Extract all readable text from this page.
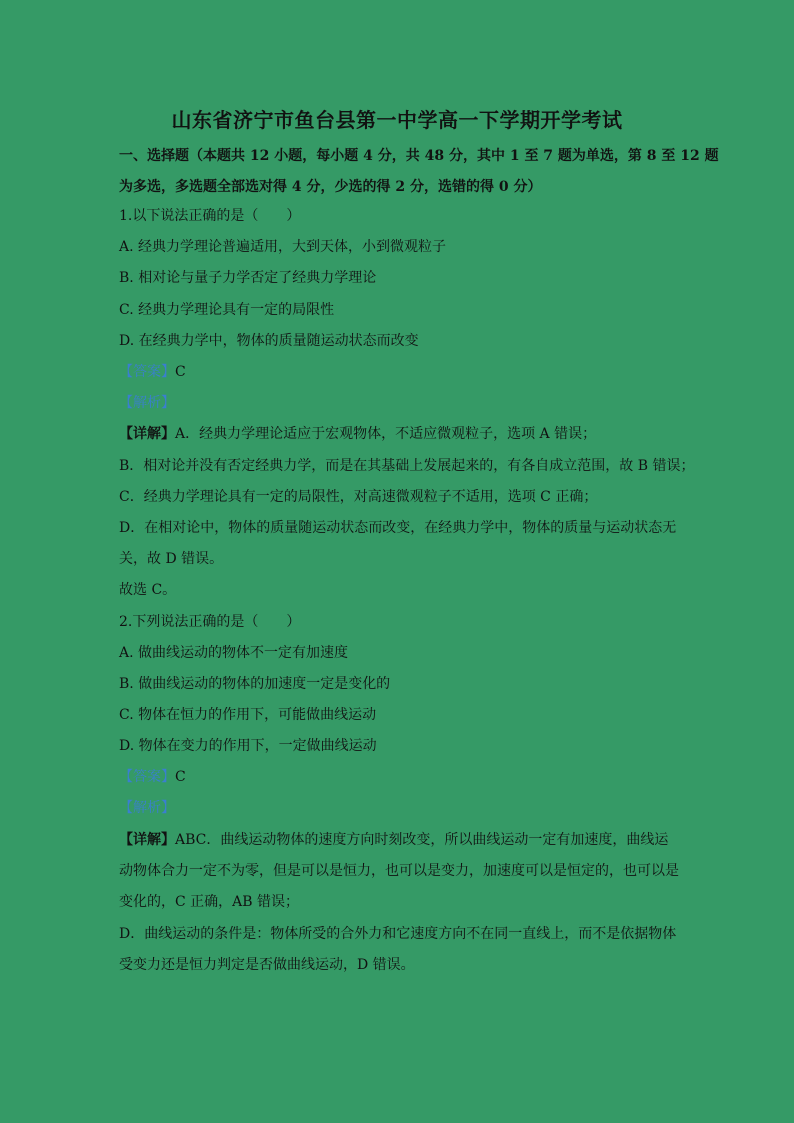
山东省济宁市鱼台县第一中学高一下学期开学考试
一、选择题（本题共 12 小题，每小题 4 分，共 48 分，其中 1 至 7 题为单选，第 8 至 12 题
为多选，多选题全部选对得 4 分，少选的得 2 分，选错的得 0 分）
1.以下说法正确的是（　　）
A. 经典力学理论普遍适用，大到天体，小到微观粒子
B. 相对论与量子力学否定了经典力学理论
C. 经典力学理论具有一定的局限性
D. 在经典力学中，物体的质量随运动状态而改变
【答案】C
【解析】
【详解】A．经典力学理论适应于宏观物体，不适应微观粒子，选项 A 错误；
B．相对论并没有否定经典力学，而是在其基础上发展起来的，有各自成立范围，故 B 错误；
C．经典力学理论具有一定的局限性，对高速微观粒子不适用，选项 C 正确；
D．在相对论中，物体的质量随运动状态而改变，在经典力学中，物体的质量与运动状态无
关，故 D 错误。
故选 C。
2.下列说法正确的是（　　）
A. 做曲线运动的物体不一定有加速度
B. 做曲线运动的物体的加速度一定是变化的
C. 物体在恒力的作用下，可能做曲线运动
D. 物体在变力的作用下，一定做曲线运动
【答案】C
【解析】
【详解】ABC．曲线运动物体的速度方向时刻改变，所以曲线运动一定有加速度，曲线运
动物体合力一定不为零，但是可以是恒力，也可以是变力，加速度可以是恒定的，也可以是
变化的，C 正确，AB 错误；
D．曲线运动的条件是：物体所受的合外力和它速度方向不在同一直线上，而不是依据物体
受变力还是恒力判定是否做曲线运动，D 错误。
